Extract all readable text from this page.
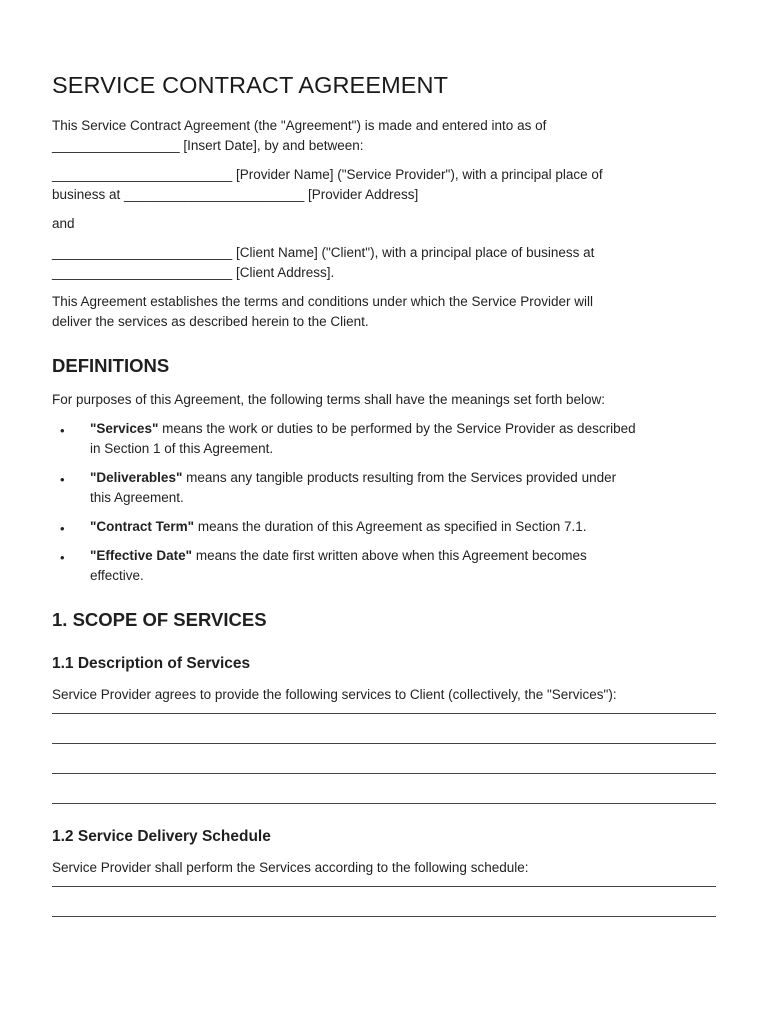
SERVICE CONTRACT AGREEMENT

This Service Contract Agreement (the "Agreement") is made and entered into as of

_________________ [Insert Date], by and between:

________________________ [Provider Name] ("Service Provider"), with a principal place of

business at ________________________ [Provider Address]

and

________________________ [Client Name] ("Client"), with a principal place of business at

________________________ [Client Address].

This Agreement establishes the terms and conditions under which the Service Provider will

deliver the services as described herein to the Client.

DEFINITIONS

For purposes of this Agreement, the following terms shall have the meanings set forth below:

• "Services" means the work or duties to be performed by the Service Provider as described
in Section 1 of this Agreement.
• "Deliverables" means any tangible products resulting from the Services provided under
this Agreement.
• "Contract Term" means the duration of this Agreement as specified in Section 7.1.
• "Effective Date" means the date first written above when this Agreement becomes
effective.
1. SCOPE OF SERVICES
1.1 Description of Services

Service Provider agrees to provide the following services to Client (collectively, the "Services"):

1.2 Service Delivery Schedule

Service Provider shall perform the Services according to the following schedule:
